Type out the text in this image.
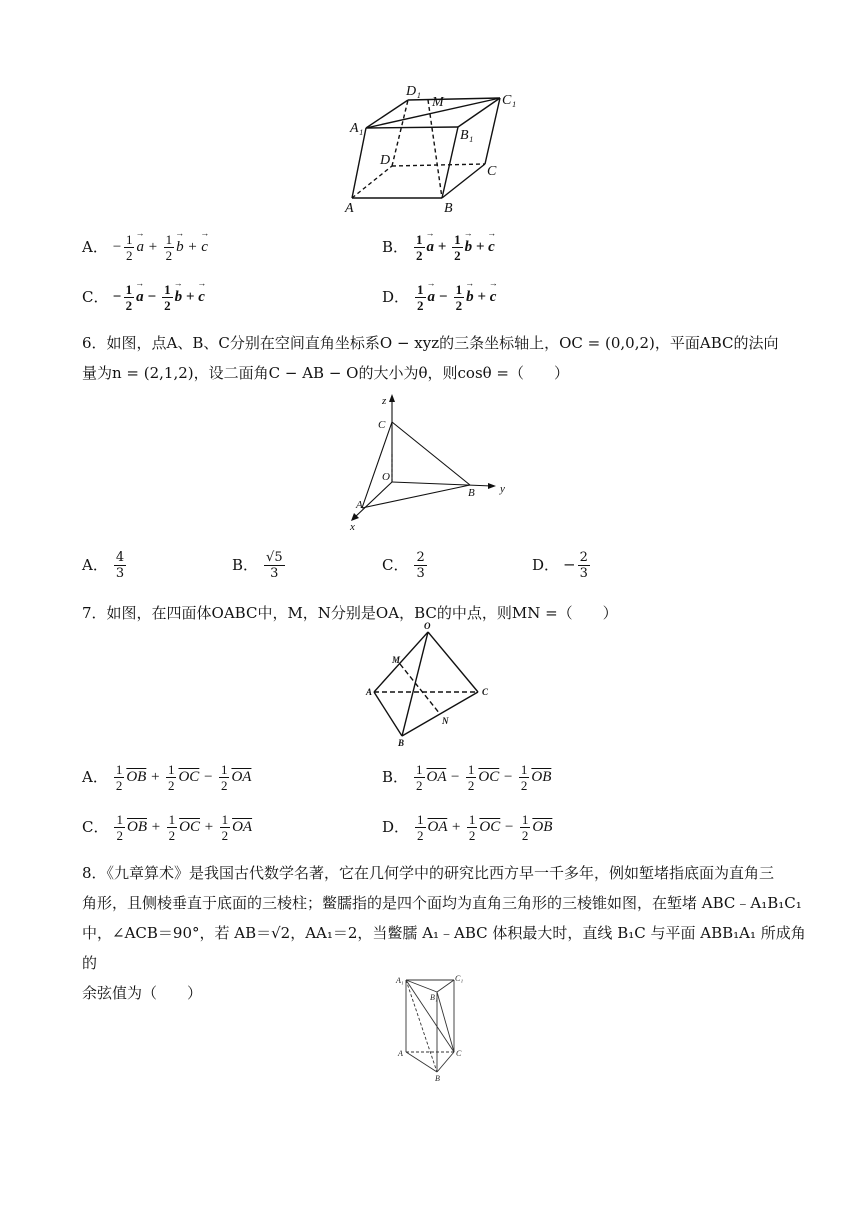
D₁
M	C₁
A₁	B₁
D
C
A	B
A． − $\frac{1}{2} \to a + \frac{1}{2} \to b$ + → c	B． $\frac{1}{2} \to a + \frac{1}{2} \to b$ + → c
C． − $\frac{1}{2} \to a - \frac{1}{2} \to b$ + → c	D． $\frac{1}{2} \to a - \frac{1}{2} \to b$ + → c
6．如图，点A、B、C分别在空间直角坐标系O − xyz的三条坐标轴上，OC = (0,0,2)，平面ABC的法向
量为n = (2,1,2)，设二面角C − AB − O的大小为θ，则cosθ =（　　）
z
C
O
A
B y
x
A． $\frac{4}{3}$	B． $\frac{√5}{3}$	C． $\frac{2}{3}$	D． − $\frac{2}{3}$
7．如图，在四面体OABC中，M，N分别是OA，BC的中点，则MN =（　　）
O
M
A	C
N
B
A． $\frac{1}{2} \overline{OB} + \frac{1}{2} \overline{OC} - \frac{1}{2} \overline{OA}$	B． $\frac{1}{2} \overline{OA} - \frac{1}{2} \overline{OC} - \frac{1}{2} \overline{OB}$
C． $\frac{1}{2} \overline{OB} + \frac{1}{2} \overline{OC} + \frac{1}{2} \overline{OA}$	D． $\frac{1}{2} \overline{OA} + \frac{1}{2} \overline{OC} - \frac{1}{2} \overline{OB}$
8．《九章算术》是我国古代数学名著，它在几何学中的研究比西方早一千多年，例如堑堵指底面为直角三
角形，且侧棱垂直于底面的三棱柱；鳖臑指的是四个面均为直角三角形的三棱锥如图，在堑堵 ABC﹣A₁B₁C₁
中，∠ACB＝90°，若 AB＝√2，AA₁＝2，当鳖臑 A₁﹣ABC 体积最大时，直线 B₁C 与平面 ABB₁A₁ 所成角的
余弦值为（　　）
A₁	C₁
B₁
A	C
B
